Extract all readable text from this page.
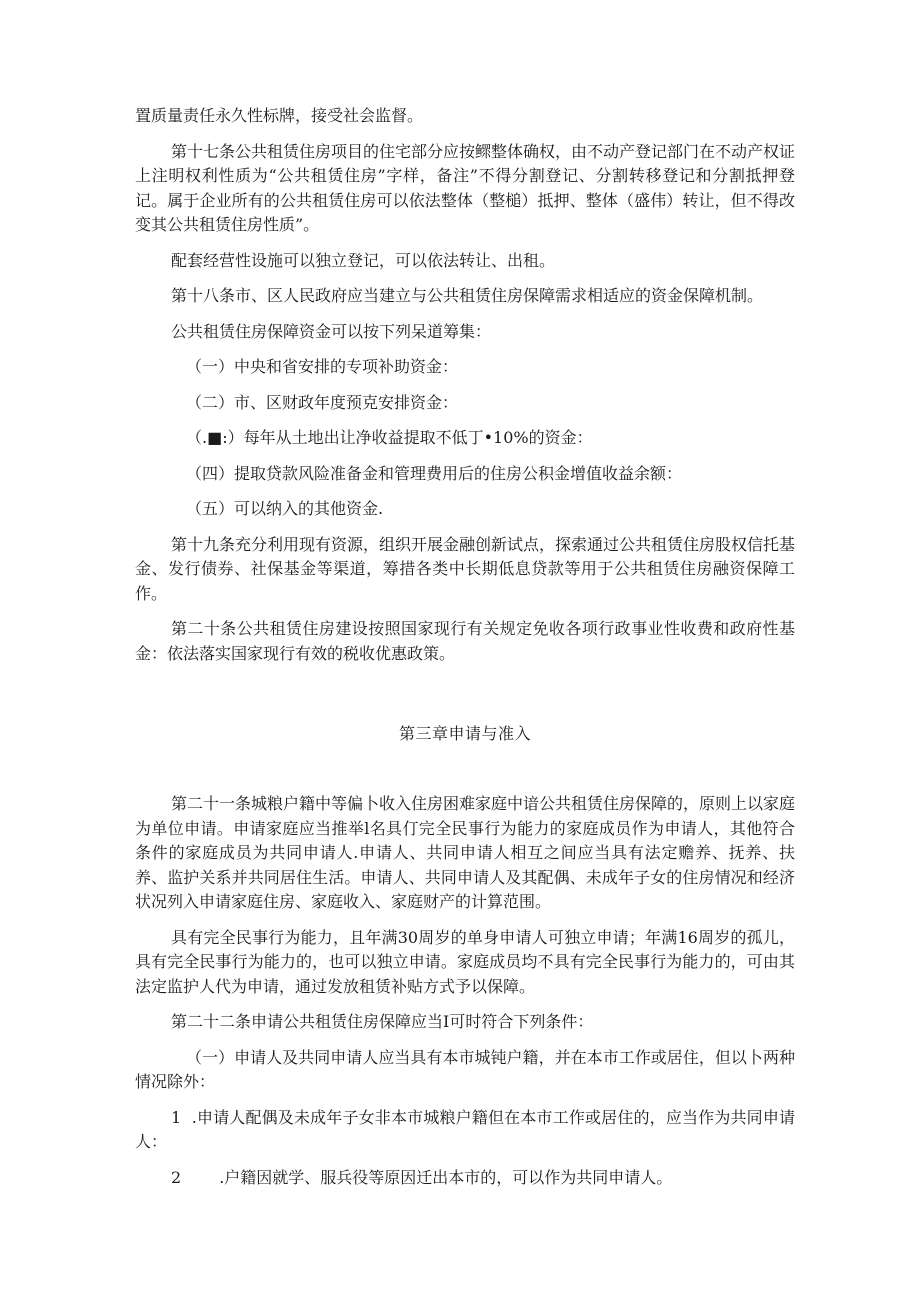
置质量责任永久性标牌，接受社会监督。

第十七条公共租赁住房项目的住宅部分应按鳏整体确权，由不动产登记部门在不动产权证上注明权利性质为“公共租赁住房”字样，备注”不得分割登记、分割转移登记和分割抵押登记。属于企业所有的公共租赁住房可以依法整体（整槌）抵押、整体（盛伟）转让，但不得改变其公共租赁住房性质”。

配套经营性设施可以独立登记，可以依法转让、出租。

第十八条市、区人民政府应当建立与公共租赁住房保障需求相适应的资金保障机制。

公共租赁住房保障资金可以按下列呆道筹集：

（一）中央和省安排的专项补助资金：

（二）市、区财政年度预克安排资金：

（.■:）每年从土地出让净收益提取不低丁•10%的资金：

（四）提取贷款风险准备金和管理费用后的住房公积金增值收益余额：

（五）可以纳入的其他资金.

第十九条充分利用现有资源，组织开展金融创新试点，探索通过公共租赁住房股权信托基金、发行债券、社保基金等渠道，筹措各类中长期低息贷款等用于公共租赁住房融资保障工作。

第二十条公共租赁住房建设按照国家现行有关规定免收各项行政事业性收费和政府性基金：依法落实国家现行有效的税收优惠政策。

第三章申请与准入

第二十一条城粮户籍中等偏卜收入住房困难家庭中谙公共租赁住房保障的，原则上以家庭为单位申请。申请家庭应当推举l名具仃完全民事行为能力的家庭成员作为申请人，其他符合条件的家庭成员为共同申请人.申请人、共同申请人相互之间应当具有法定赡养、抚养、扶养、监护关系并共同居住生活。申请人、共同申请人及其配偶、未成年子女的住房情况和经济状况列入申请家庭住房、家庭收入、家庭财产的计算范围。

具有完全民事行为能力，且年满30周岁的单身申请人可独立申请；年满16周岁的孤儿，具有完全民事行为能力的，也可以独立申请。家庭成员均不具有完全民事行为能力的，可由其法定监护人代为申请，通过发放租赁补贴方式予以保障。

第二十二条申请公共租赁住房保障应当I可时符合下列条件：

（一）申请人及共同申请人应当具有本市城钝户籍，并在本市工作或居住，但以卜两种情况除外：

1 .申请人配偶及未成年子女非本市城粮户籍但在本市工作或居住的，应当作为共同申请人：

2 .户籍因就学、服兵役等原因迁出本市的，可以作为共同申请人。
